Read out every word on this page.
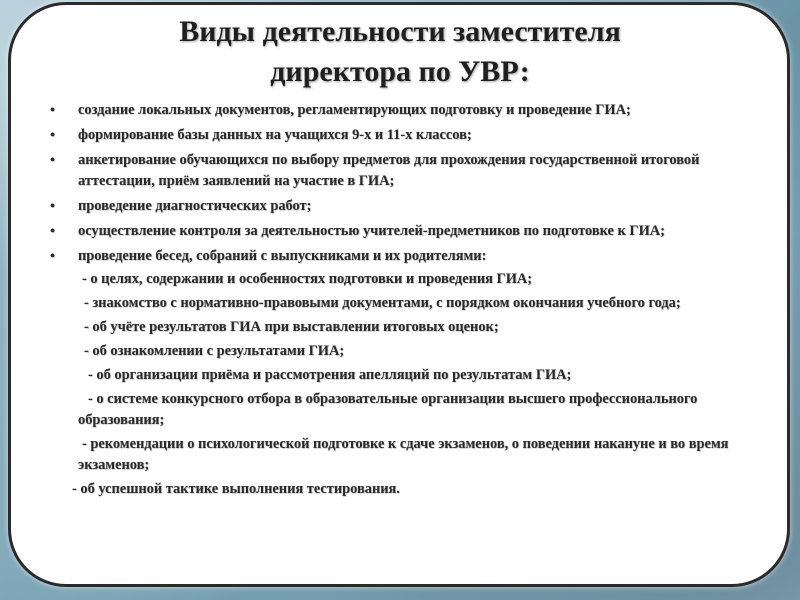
Виды деятельности заместителя
директора по УВР:
• создание локальных документов, регламентирующих подготовку и проведение ГИА;
• формирование базы данных на учащихся 9-х и 11-х классов;
• анкетирование обучающихся по выбору предметов для прохождения государственной итоговой аттестации, приём заявлений на участие в ГИА;
• проведение диагностических работ;
• осуществление контроля за деятельностью учителей-предметников по подготовке к ГИА;
• проведение бесед, собраний с выпускниками и их родителями:
- о целях, содержании и особенностях подготовки и проведения ГИА;
- знакомство с нормативно-правовыми документами, с порядком окончания учебного года;
- об учёте результатов ГИА при выставлении итоговых оценок;
- об ознакомлении с результатами ГИА;
- об организации приёма и рассмотрения апелляций по результатам ГИА;
- о системе конкурсного отбора в образовательные организации высшего профессионального образования;
- рекомендации о психологической подготовке к сдаче экзаменов, о поведении накануне и во время экзаменов;
- об успешной тактике выполнения тестирования.
